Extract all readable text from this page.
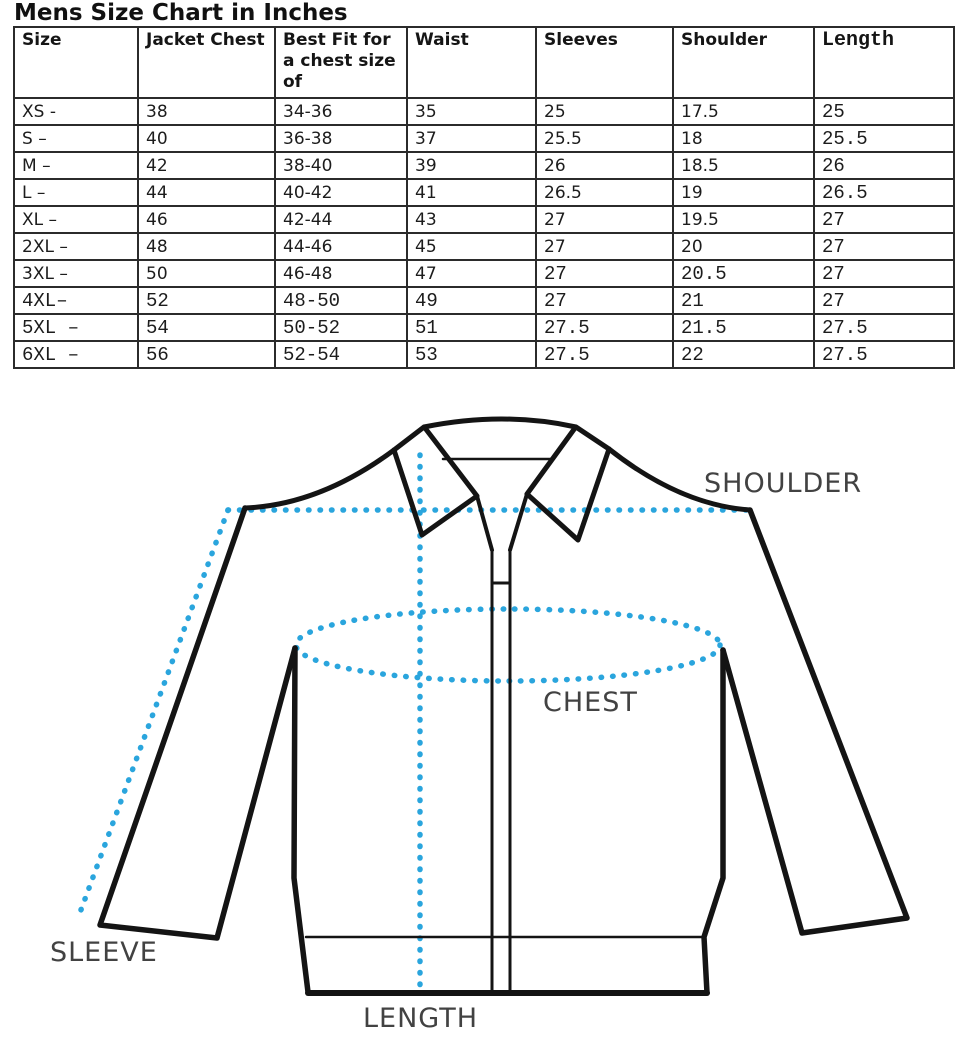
Mens Size Chart in Inches
Size	Jacket Chest	Best Fit for a chest size of	Waist	Sleeves	Shoulder	Length
XS -	38	34-36	35	25	17.5	25
S –	40	36-38	37	25.5	18	25.5
M –	42	38-40	39	26	18.5	26
L –	44	40-42	41	26.5	19	26.5
XL –	46	42-44	43	27	19.5	27
2XL –	48	44-46	45	27	20	27
3XL –	50	46-48	47	27	20.5	27
4XL–	52	48-50	49	27	21	27
5XL –	54	50-52	51	27.5	21.5	27.5
6XL –	56	52-54	53	27.5	22	27.5
SHOULDER
CHEST
SLEEVE
LENGTH
